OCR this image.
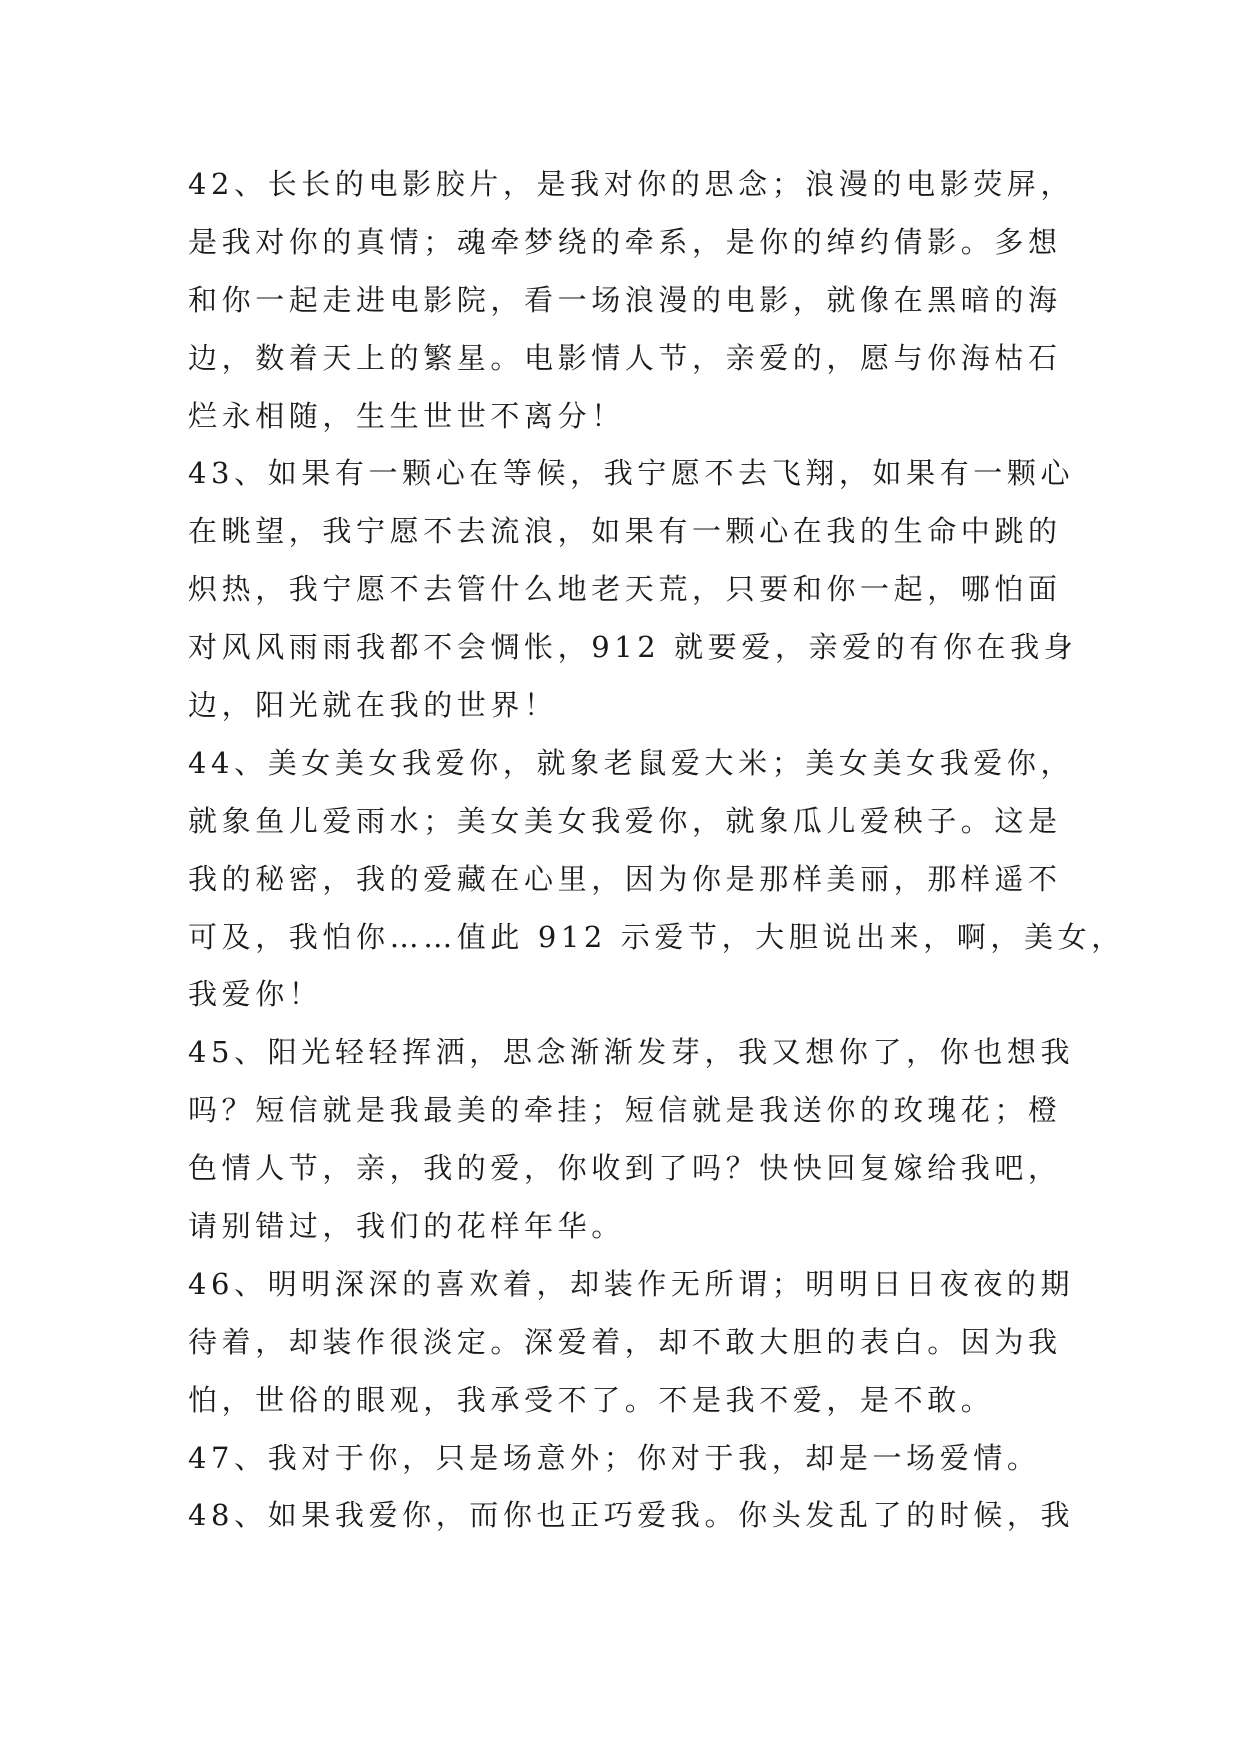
42、长长的电影胶片，是我对你的思念；浪漫的电影荧屏，
是我对你的真情；魂牵梦绕的牵系，是你的绰约倩影。多想
和你一起走进电影院，看一场浪漫的电影，就像在黑暗的海
边，数着天上的繁星。电影情人节，亲爱的，愿与你海枯石
烂永相随，生生世世不离分！
43、如果有一颗心在等候，我宁愿不去飞翔，如果有一颗心
在眺望，我宁愿不去流浪，如果有一颗心在我的生命中跳的
炽热，我宁愿不去管什么地老天荒，只要和你一起，哪怕面
对风风雨雨我都不会惆怅，912 就要爱，亲爱的有你在我身
边，阳光就在我的世界！
44、美女美女我爱你，就象老鼠爱大米；美女美女我爱你，
就象鱼儿爱雨水；美女美女我爱你，就象瓜儿爱秧子。这是
我的秘密，我的爱藏在心里，因为你是那样美丽，那样遥不
可及，我怕你……值此 912 示爱节，大胆说出来，啊，美女，
我爱你！
45、阳光轻轻挥洒，思念渐渐发芽，我又想你了，你也想我
吗？短信就是我最美的牵挂；短信就是我送你的玫瑰花；橙
色情人节，亲，我的爱，你收到了吗？快快回复嫁给我吧，
请别错过，我们的花样年华。
46、明明深深的喜欢着，却装作无所谓；明明日日夜夜的期
待着，却装作很淡定。深爱着，却不敢大胆的表白。因为我
怕，世俗的眼观，我承受不了。不是我不爱，是不敢。
47、我对于你，只是场意外；你对于我，却是一场爱情。
48、如果我爱你，而你也正巧爱我。你头发乱了的时候，我
